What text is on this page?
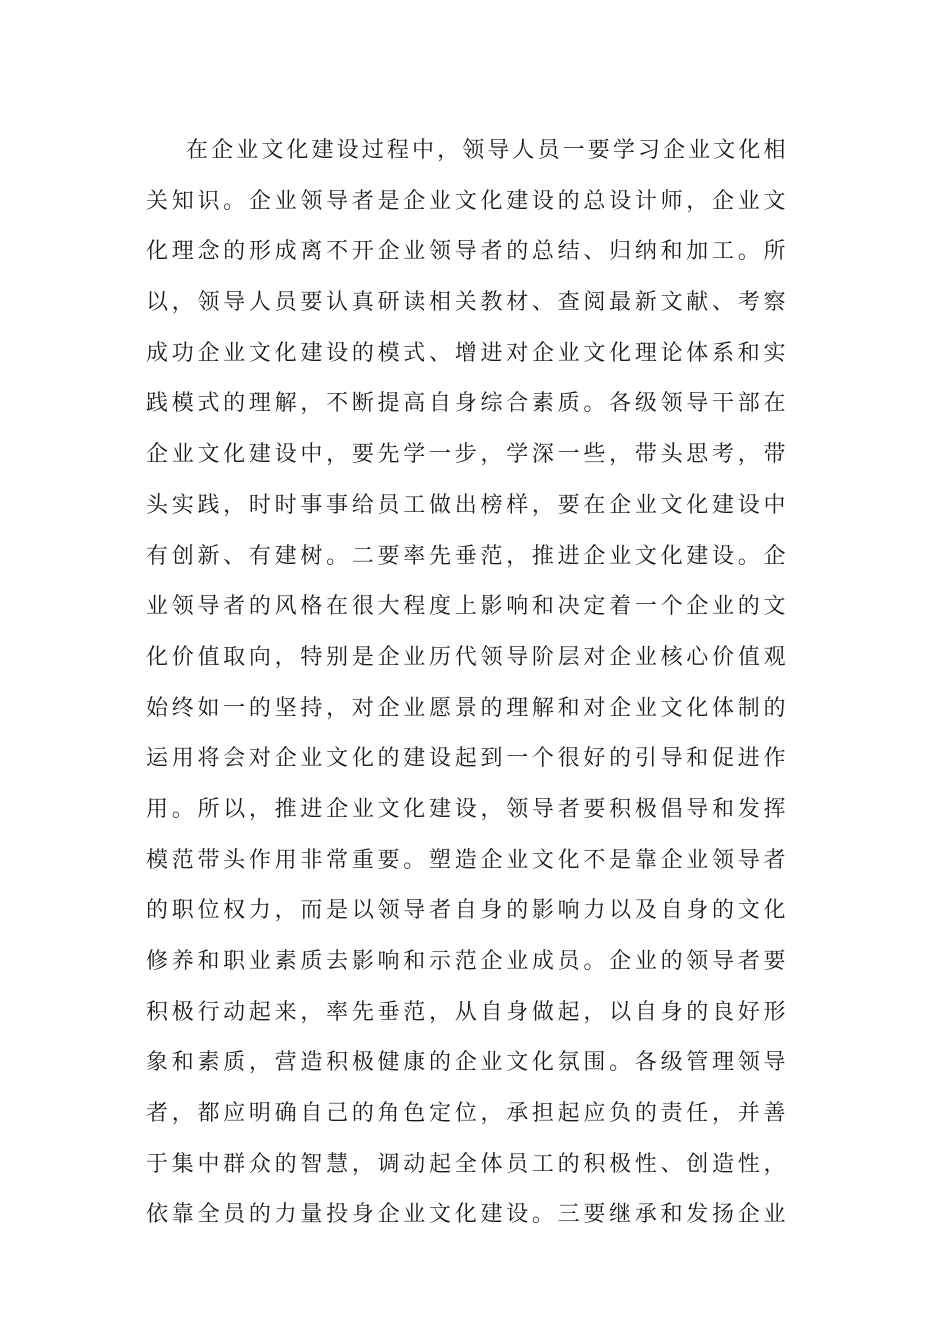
在企业文化建设过程中，领导人员一要学习企业文化相
关知识。企业领导者是企业文化建设的总设计师，企业文
化理念的形成离不开企业领导者的总结、归纳和加工。所
以，领导人员要认真研读相关教材、查阅最新文献、考察
成功企业文化建设的模式、增进对企业文化理论体系和实
践模式的理解，不断提高自身综合素质。各级领导干部在
企业文化建设中，要先学一步，学深一些，带头思考，带
头实践，时时事事给员工做出榜样，要在企业文化建设中
有创新、有建树。二要率先垂范，推进企业文化建设。企
业领导者的风格在很大程度上影响和决定着一个企业的文
化价值取向，特别是企业历代领导阶层对企业核心价值观
始终如一的坚持，对企业愿景的理解和对企业文化体制的
运用将会对企业文化的建设起到一个很好的引导和促进作
用。所以，推进企业文化建设，领导者要积极倡导和发挥
模范带头作用非常重要。塑造企业文化不是靠企业领导者
的职位权力，而是以领导者自身的影响力以及自身的文化
修养和职业素质去影响和示范企业成员。企业的领导者要
积极行动起来，率先垂范，从自身做起，以自身的良好形
象和素质，营造积极健康的企业文化氛围。各级管理领导
者，都应明确自己的角色定位，承担起应负的责任，并善
于集中群众的智慧，调动起全体员工的积极性、创造性，
依靠全员的力量投身企业文化建设。三要继承和发扬企业
